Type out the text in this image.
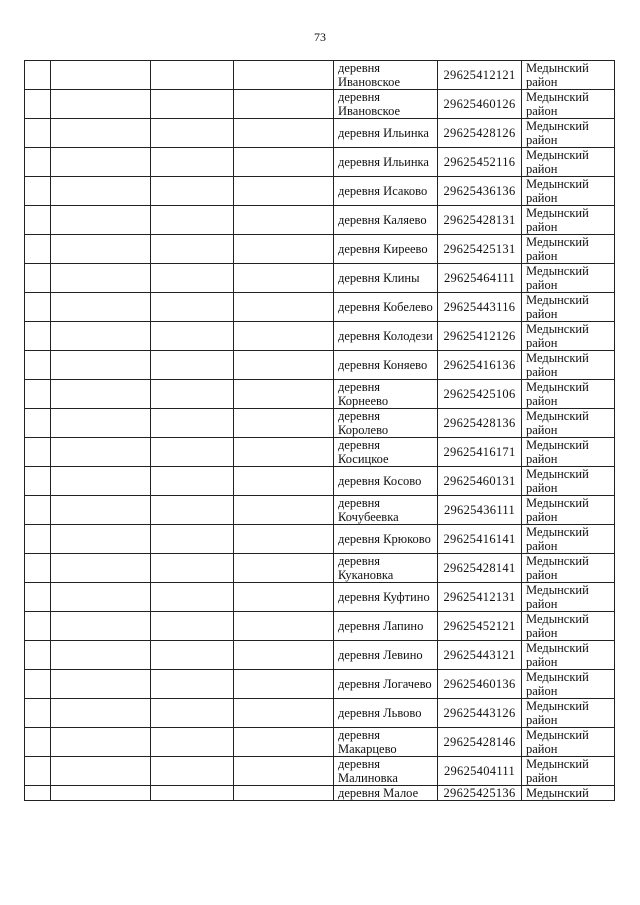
73
				деревня Ивановское	29625412121	Медынский район
				деревня Ивановское	29625460126	Медынский район
				деревня Ильинка	29625428126	Медынский район
				деревня Ильинка	29625452116	Медынский район
				деревня Исаково	29625436136	Медынский район
				деревня Каляево	29625428131	Медынский район
				деревня Киреево	29625425131	Медынский район
				деревня Клины	29625464111	Медынский район
				деревня Кобелево	29625443116	Медынский район
				деревня Колодези	29625412126	Медынский район
				деревня Коняево	29625416136	Медынский район
				деревня Корнеево	29625425106	Медынский район
				деревня Королево	29625428136	Медынский район
				деревня Косицкое	29625416171	Медынский район
				деревня Косово	29625460131	Медынский район
				деревня Кочубеевка	29625436111	Медынский район
				деревня Крюково	29625416141	Медынский район
				деревня Кукановка	29625428141	Медынский район
				деревня Куфтино	29625412131	Медынский район
				деревня Лапино	29625452121	Медынский район
				деревня Левино	29625443121	Медынский район
				деревня Логачево	29625460136	Медынский район
				деревня Львово	29625443126	Медынский район
				деревня Макарцево	29625428146	Медынский район
				деревня Малиновка	29625404111	Медынский район
				деревня Малое	29625425136	Медынский
